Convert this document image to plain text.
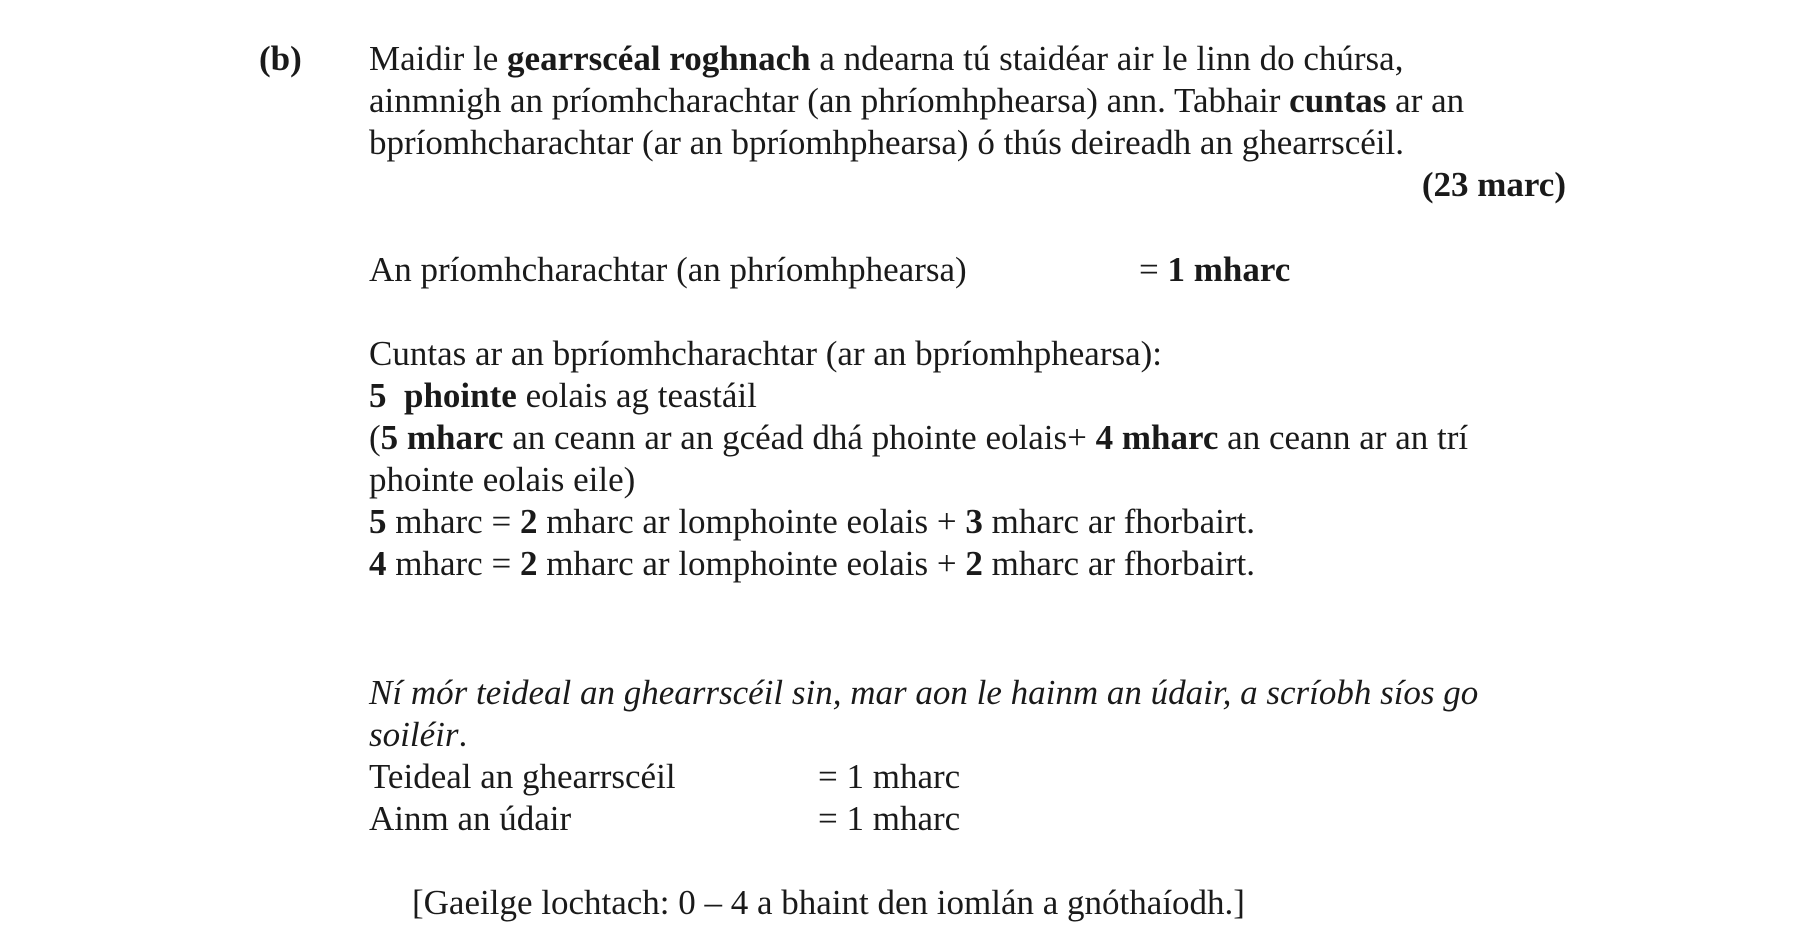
(b) Maidir le gearrscéal roghnach a ndearna tú staidéar air le linn do chúrsa,
ainmnigh an príomhcharachtar (an phríomhphearsa) ann. Tabhair cuntas ar an
bpríomhcharachtar (ar an bpríomhphearsa) ó thús deireadh an ghearrscéil.
(23 marc)
An príomhcharachtar (an phríomhphearsa)	= 1 mharc
Cuntas ar an bpríomhcharachtar (ar an bpríomhphearsa):
5  phointe eolais ag teastáil
(5 mharc an ceann ar an gcéad dhá phointe eolais+ 4 mharc an ceann ar an trí
phointe eolais eile)
5 mharc = 2 mharc ar lomphointe eolais + 3 mharc ar fhorbairt.
4 mharc = 2 mharc ar lomphointe eolais + 2 mharc ar fhorbairt.
Ní mór teideal an ghearrscéil sin, mar aon le hainm an údair, a scríobh síos go
soiléir.
Teideal an ghearrscéil	= 1 mharc
Ainm an údair	= 1 mharc
[Gaeilge lochtach: 0 – 4 a bhaint den iomlán a gnóthaíodh.]
